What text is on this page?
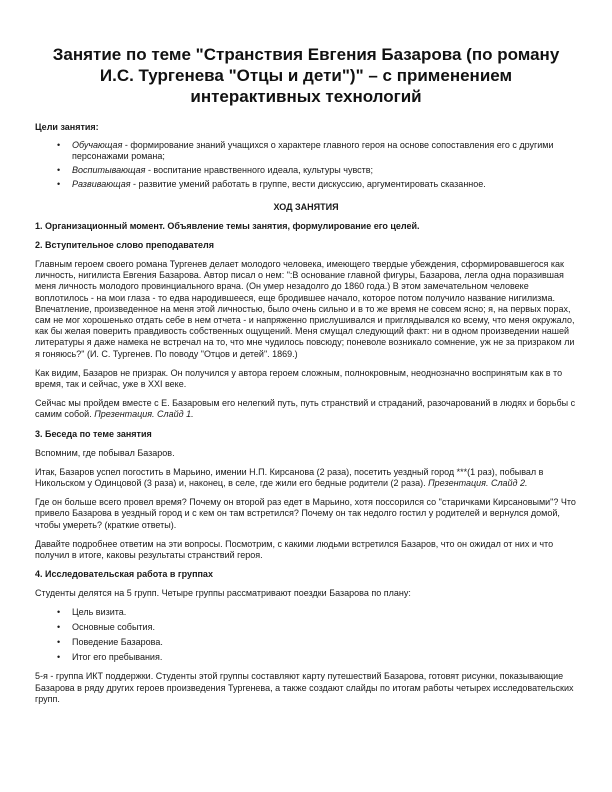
Занятие по теме "Странствия Евгения Базарова (по роману И.С. Тургенева "Отцы и дети")" – с применением интерактивных технологий
Цели занятия:
• Обучающая - формирование знаний учащихся о характере главного героя на основе сопоставления его с другими персонажами романа;
• Воспитывающая - воспитание нравственного идеала, культуры чувств;
• Развивающая - развитие умений работать в группе, вести дискуссию, аргументировать сказанное.
ХОД ЗАНЯТИЯ
1. Организационный момент. Объявление темы занятия, формулирование его целей.
2. Вступительное слово преподавателя

Главным героем своего романа Тургенев делает молодого человека, имеющего твердые убеждения, сформировавшегося как личность, нигилиста Евгения Базарова. Автор писал о нем: ":В основание главной фигуры, Базарова, легла одна поразившая меня личность молодого провинциального врача. (Он умер незадолго до 1860 года.) В этом замечательном человеке воплотилось - на мои глаза - то едва народившееся, еще бродившее начало, которое потом получило название нигилизма. Впечатление, произведенное на меня этой личностью, было очень сильно и в то же время не совсем ясно; я, на первых порах, сам не мог хорошенько отдать себе в нем отчета - и напряженно прислушивался и приглядывался ко всему, что меня окружало, как бы желая поверить правдивость собственных ощущений. Меня смущал следующий факт: ни в одном произведении нашей литературы я даже намека не встречал на то, что мне чудилось повсюду; поневоле возникало сомнение, уж не за призраком ли я гоняюсь?" (И. С. Тургенев. По поводу "Отцов и детей". 1869.)

Как видим, Базаров не призрак. Он получился у автора героем сложным, полнокровным, неоднозначно воспринятым как в то время, так и сейчас, уже в XXI веке.

Сейчас мы пройдем вместе с Е. Базаровым его нелегкий путь, путь странствий и страданий, разочарований в людях и борьбы с самим собой. Презентация. Слайд 1.

3. Беседа по теме занятия

Вспомним, где побывал Базаров.

Итак, Базаров успел погостить в Марьино, имении Н.П. Кирсанова (2 раза), посетить уездный город ***(1 раз), побывал в Никольском у Одинцовой (3 раза) и, наконец, в селе, где жили его бедные родители (2 раза). Презентация. Слайд 2.

Где он больше всего провел время? Почему он второй раз едет в Марьино, хотя поссорился со "старичками Кирсановыми"? Что привело Базарова в уездный город и с кем он там встретился? Почему он так недолго гостил у родителей и вернулся домой, чтобы умереть? (краткие ответы).

Давайте подробнее ответим на эти вопросы. Посмотрим, с какими людьми встретился Базаров, что он ожидал от них и что получил в итоге, каковы результаты странствий героя.

4. Исследовательская работа в группах

Студенты делятся на 5 групп. Четыре группы рассматривают поездки Базарова по плану:

• Цель визита.
• Основные события.
• Поведение Базарова.
• Итог его пребывания.

5-я - группа ИКТ поддержки. Студенты этой группы составляют карту путешествий Базарова, готовят рисунки, показывающие Базарова в ряду других героев произведения Тургенева, а также создают слайды по итогам работы четырех исследовательских групп.
